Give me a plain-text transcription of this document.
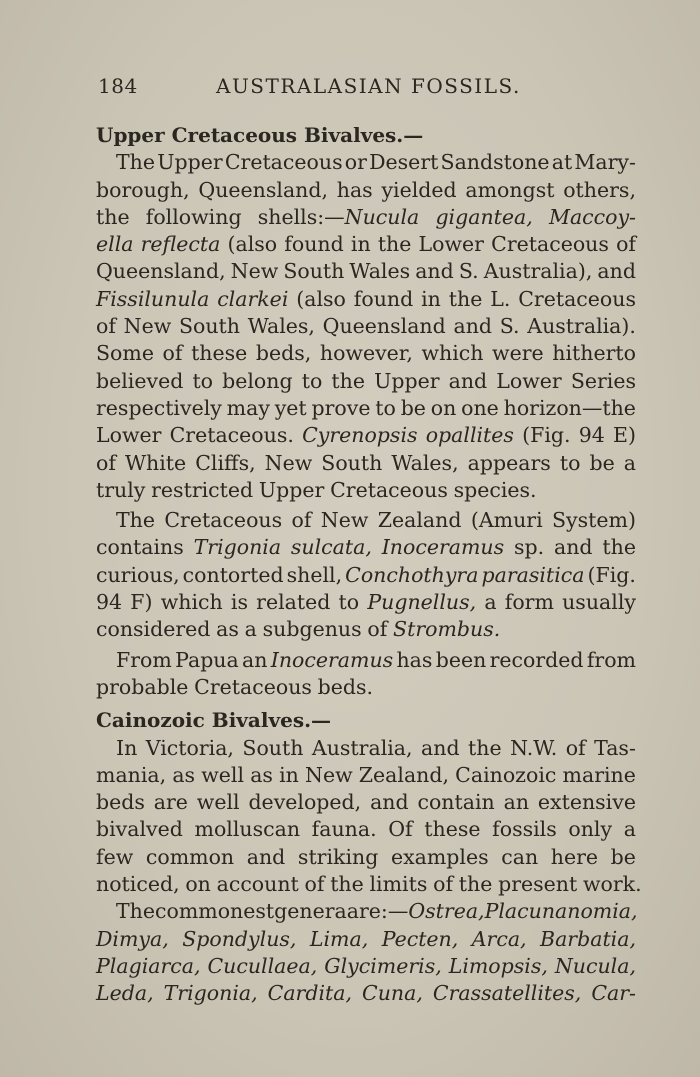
184	AUSTRALASIAN FOSSILS.
Upper Cretaceous Bivalves.—
The Upper Cretaceous or Desert Sandstone at Mary-
borough, Queensland, has yielded amongst others,
the following shells:—Nucula gigantea, Maccoy-
ella reflecta (also found in the Lower Cretaceous of
Queensland, New South Wales and S. Australia), and
Fissilunula clarkei (also found in the L. Cretaceous
of New South Wales, Queensland and S. Australia).
Some of these beds, however, which were hitherto
believed to belong to the Upper and Lower Series
respectively may yet prove to be on one horizon—the
Lower Cretaceous. Cyrenopsis opallites (Fig. 94 E)
of White Cliffs, New South Wales, appears to be a
truly restricted Upper Cretaceous species.
The Cretaceous of New Zealand (Amuri System)
contains Trigonia sulcata, Inoceramus sp. and the
curious, contorted shell, Conchothyra parasitica (Fig.
94 F) which is related to Pugnellus, a form usually
considered as a subgenus of Strombus.
From Papua an Inoceramus has been recorded from
probable Cretaceous beds.
Cainozoic Bivalves.—
In Victoria, South Australia, and the N.W. of Tas-
mania, as well as in New Zealand, Cainozoic marine
beds are well developed, and contain an extensive
bivalved molluscan fauna. Of these fossils only a
few common and striking examples can here be
noticed, on account of the limits of the present work.
The commonest genera are:—Ostrea, Placunanomia,
Dimya, Spondylus, Lima, Pecten, Arca, Barbatia,
Plagiarca, Cucullaea, Glycimeris, Limopsis, Nucula,
Leda, Trigonia, Cardita, Cuna, Crassatellites, Car-
